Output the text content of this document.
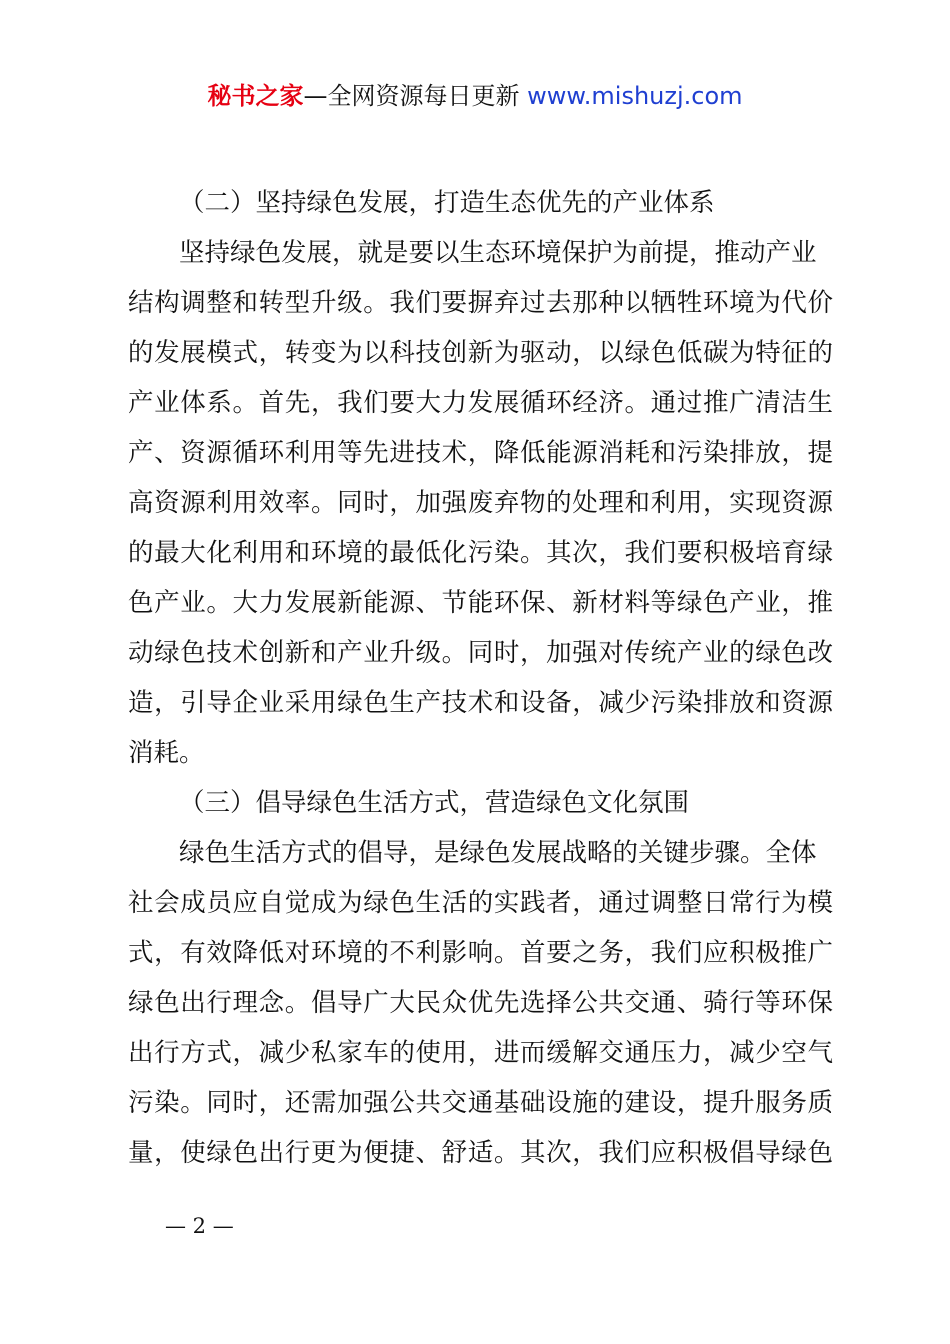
秘书之家—全网资源每日更新 www.mishuzj.com
（二）坚持绿色发展，打造生态优先的产业体系
坚持绿色发展，就是要以生态环境保护为前提，推动产业
结构调整和转型升级。我们要摒弃过去那种以牺牲环境为代价
的发展模式，转变为以科技创新为驱动，以绿色低碳为特征的
产业体系。首先，我们要大力发展循环经济。通过推广清洁生
产、资源循环利用等先进技术，降低能源消耗和污染排放，提
高资源利用效率。同时，加强废弃物的处理和利用，实现资源
的最大化利用和环境的最低化污染。其次，我们要积极培育绿
色产业。大力发展新能源、节能环保、新材料等绿色产业，推
动绿色技术创新和产业升级。同时，加强对传统产业的绿色改
造，引导企业采用绿色生产技术和设备，减少污染排放和资源
消耗。
（三）倡导绿色生活方式，营造绿色文化氛围
绿色生活方式的倡导，是绿色发展战略的关键步骤。全体
社会成员应自觉成为绿色生活的实践者，通过调整日常行为模
式，有效降低对环境的不利影响。首要之务，我们应积极推广
绿色出行理念。倡导广大民众优先选择公共交通、骑行等环保
出行方式，减少私家车的使用，进而缓解交通压力，减少空气
污染。同时，还需加强公共交通基础设施的建设，提升服务质
量，使绿色出行更为便捷、舒适。其次，我们应积极倡导绿色
— 2 —
